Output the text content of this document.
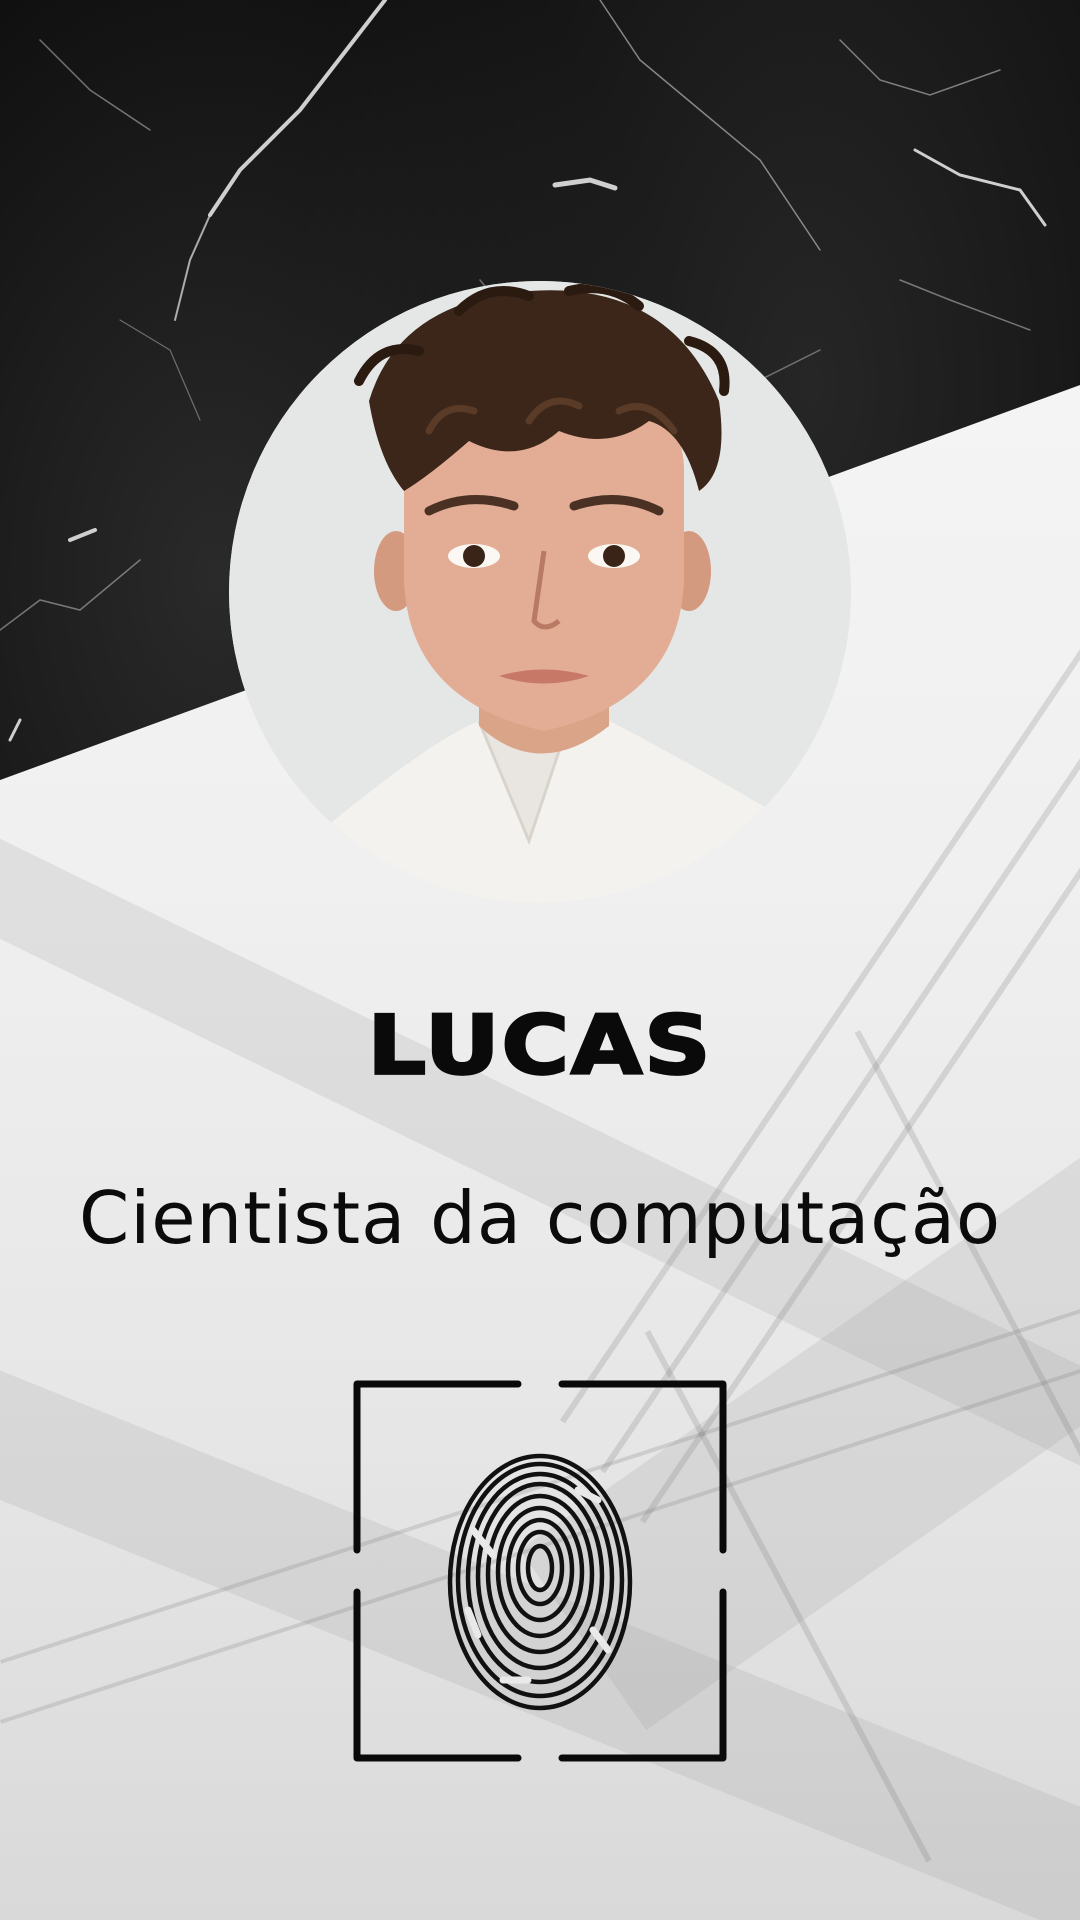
LUCAS
Cientista da computação
